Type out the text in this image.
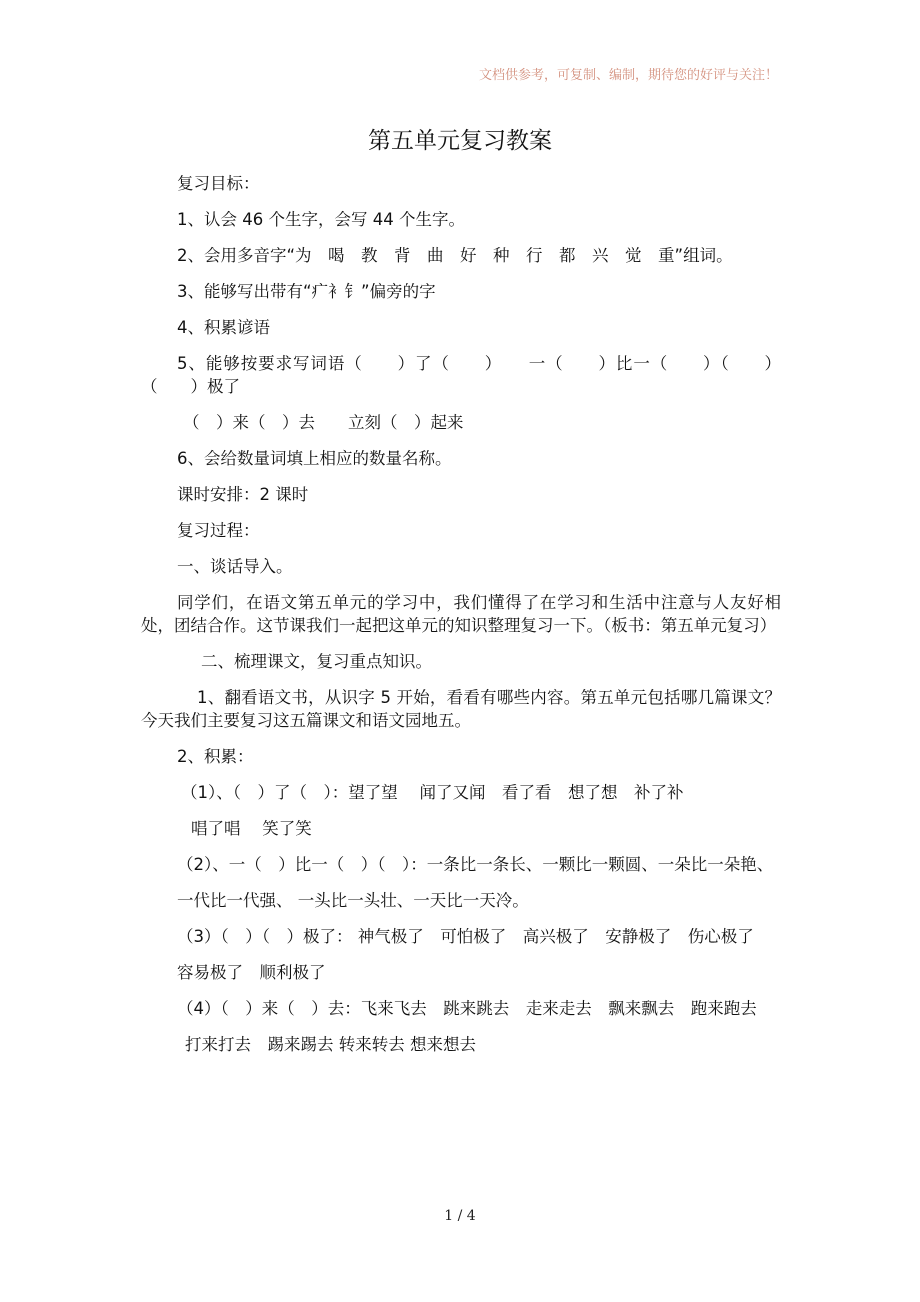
文档供参考，可复制、编制，期待您的好评与关注！
第五单元复习教案

复习目标：

1、认会 46 个生字，会写 44 个生字。

2、会用多音字“为　喝　教　背　曲　好　种　行　都　兴　觉　重”组词。

3、能够写出带有“疒衤钅”偏旁的字

4、积累谚语

5、能够按要求写词语（　　）了（　　）　　一（　　）比一（　　）（　　）（　　）极了

（　）来（　）去　　立刻（　）起来

6、会给数量词填上相应的数量名称。

课时安排：2 课时

复习过程：

一、谈话导入。

同学们，在语文第五单元的学习中，我们懂得了在学习和生活中注意与人友好相处，团结合作。这节课我们一起把这单元的知识整理复习一下。（板书：第五单元复习）

二、梳理课文，复习重点知识。

1、翻看语文书，从识字 5 开始，看看有哪些内容。第五单元包括哪几篇课文？今天我们主要复习这五篇课文和语文园地五。

2、积累：

（1）、（　）了（　）：望了望　 闻了又闻　看了看　想了想　补了补

唱了唱　 笑了笑

（2）、一（　）比一（　）（　）：一条比一条长、一颗比一颗圆、一朵比一朵艳、

一代比一代强、 一头比一头壮、一天比一天冷。

（3）（　）（　）极了： 神气极了　可怕极了　高兴极了　安静极了　伤心极了

容易极了　顺利极了

（4）（　）来（　）去：飞来飞去　跳来跳去　走来走去　飘来飘去　跑来跑去

打来打去　踢来踢去 转来转去 想来想去

1 / 4
